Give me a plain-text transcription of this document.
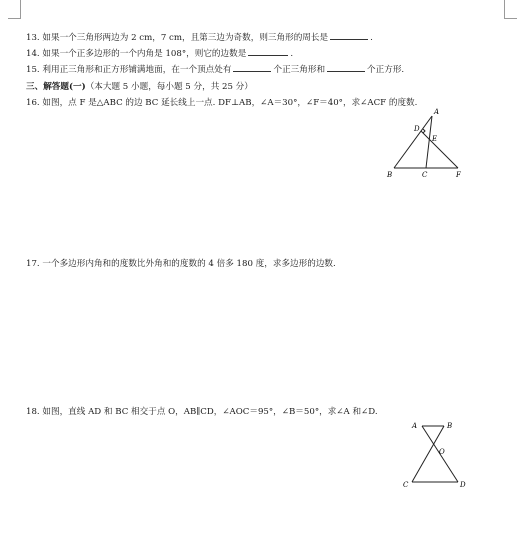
13. 如果一个三角形两边为 2 cm，7 cm，且第三边为奇数，则三角形的周长是	.
14. 如果一个正多边形的一个内角是 108°，则它的边数是	.
15. 利用正三角形和正方形铺满地面，在一个顶点处有	个正三角形和	个正方形.
三、解答题(一)（本大题 5 小题，每小题 5 分，共 25 分）
16. 如图，点 F 是△ABC 的边 BC 延长线上一点. DF⊥AB，∠A＝30°，∠F＝40°，求∠ACF 的度数.
A
D
E
B	C	F
17. 一个多边形内角和的度数比外角和的度数的 4 倍多 180 度，求多边形的边数.
18. 如图，直线 AD 和 BC 相交于点 O，AB∥CD，∠AOC＝95°，∠B＝50°，求∠A 和∠D.
A	B
O
C	D
